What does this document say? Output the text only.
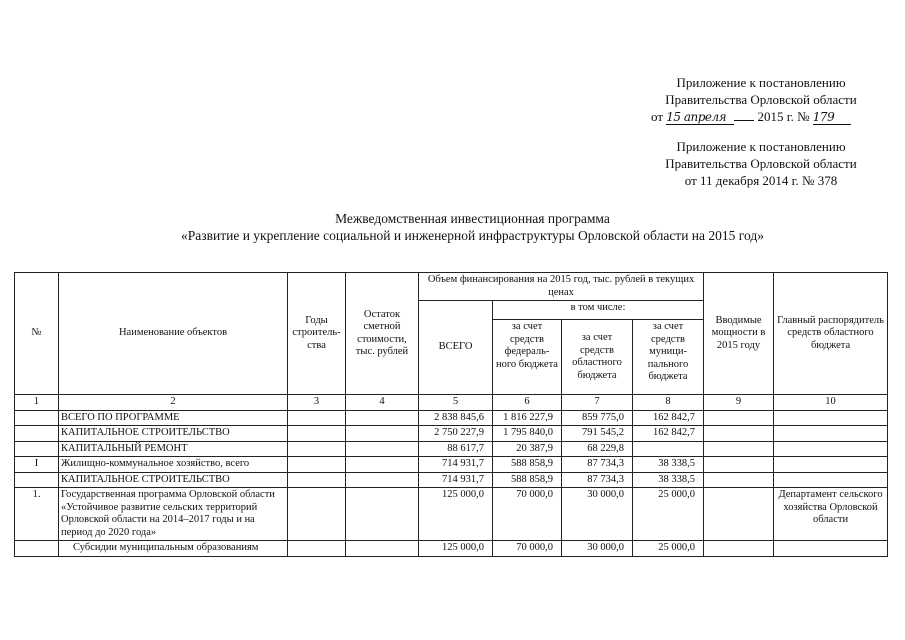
Приложение к постановлению
Правительства Орловской области
от 15 апреля 2015 г. № 179
Приложение к постановлению
Правительства Орловской области
от 11 декабря 2014 г. № 378
Межведомственная инвестиционная программа
«Развитие и укрепление социальной и инженерной инфраструктуры Орловской области на 2015 год»
№	Наименование объектов	Годы строитель-ства	Остаток сметной стоимости, тыс. рублей	Объем финансирования на 2015 год, тыс. рублей в текущих ценах				Вводимые мощности в 2015 году	Главный распорядитель средств областного бюджета
				ВСЕГО	в том числе:				
					за счет средств федераль-ного бюджета	за счет средств областного бюджета	за счет средств муници-пального бюджета		
1	2	3	4	5	6	7	8	9	10
	ВСЕГО ПО ПРОГРАММЕ			2 838 845,6	1 816 227,9	859 775,0	162 842,7		
	КАПИТАЛЬНОЕ СТРОИТЕЛЬСТВО			2 750 227,9	1 795 840,0	791 545,2	162 842,7		
	КАПИТАЛЬНЫЙ РЕМОНТ			88 617,7	20 387,9	68 229,8			
I	Жилищно-коммунальное хозяйство, всего			714 931,7	588 858,9	87 734,3	38 338,5		
	КАПИТАЛЬНОЕ СТРОИТЕЛЬСТВО			714 931,7	588 858,9	87 734,3	38 338,5		
1.	Государственная программа Орловской области «Устойчивое развитие сельских территорий Орловской области на 2014–2017 годы и на период до 2020 года»			125 000,0	70 000,0	30 000,0	25 000,0		Департамент сельского хозяйства Орловской области
	Субсидии муниципальным образованиям			125 000,0	70 000,0	30 000,0	25 000,0		
